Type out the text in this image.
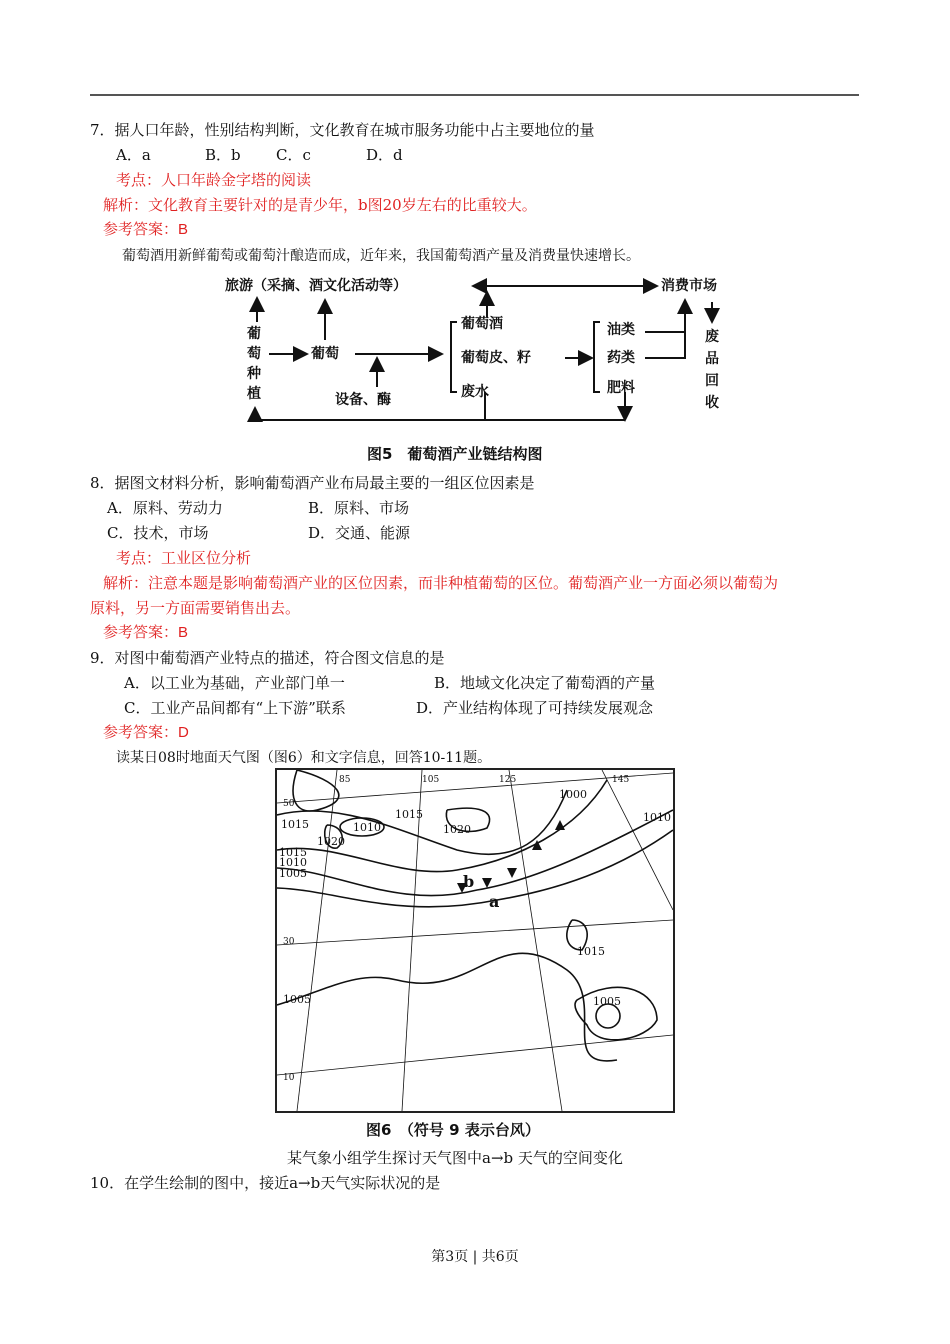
7．据人口年龄，性别结构判断，文化教育在城市服务功能中占主要地位的量
A．a	B．b C．c	D．d
考点：人口年龄金字塔的阅读
解析：文化教育主要针对的是青少年，b图20岁左右的比重较大。
参考答案：B
葡萄酒用新鲜葡萄或葡萄汁酿造而成，近年来，我国葡萄酒产量及消费量快速增长。
旅游（采摘、酒文化活动等）	消费市场
葡萄种植
葡萄
设备、酶
葡萄酒
葡萄皮、籽
废水
油类
药类
肥料
废品回收
图5　葡萄酒产业链结构图
8．据图文材料分析，影响葡萄酒产业布局最主要的一组区位因素是
A．原料、劳动力	B．原料、市场
C．技术，市场	D．交通、能源
考点：工业区位分析
解析：注意本题是影响葡萄酒产业的区位因素，而非种植葡萄的区位。葡萄酒产业一方面必须以葡萄为
原料，另一方面需要销售出去。
参考答案：B
9．对图中葡萄酒产业特点的描述，符合图文信息的是
A．以工业为基础，产业部门单一	B．地域文化决定了葡萄酒的产量
C．工业产品间都有“上下游”联系	D．产业结构体现了可持续发展观念
参考答案：D
读某日08时地面天气图（图6）和文字信息，回答10-11题。
b
a
1015	1010
1015
1020
1020
1015
1010
1005
1000
1010
1015
1005	1005
50
30
10
85	105	125	145
图6　（符号 9 表示台风）
某气象小组学生探讨天气图中a→b 天气的空间变化
10．在学生绘制的图中，接近a→b天气实际状况的是
第3页 | 共6页
